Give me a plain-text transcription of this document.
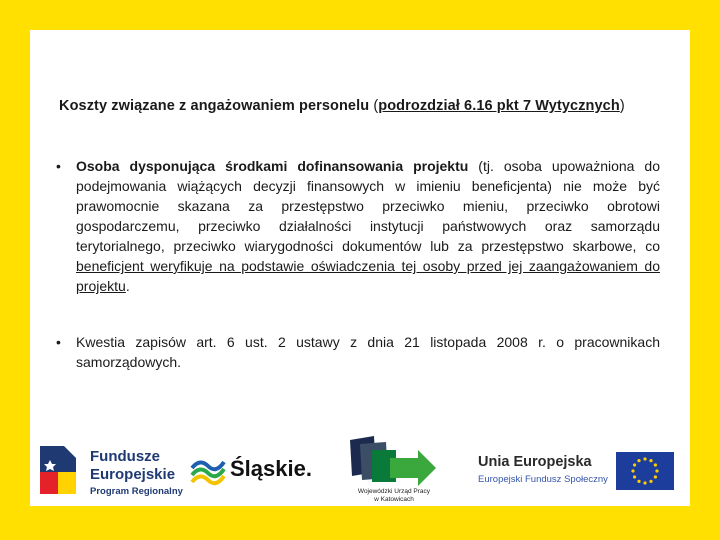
Koszty związane z angażowaniem personelu (podrozdział 6.16 pkt 7 Wytycznych)
• Osoba dysponująca środkami dofinansowania projektu (tj. osoba upoważniona do podejmowania wiążących decyzji finansowych w imieniu beneficjenta) nie może być prawomocnie skazana za przestępstwo przeciwko mieniu, przeciwko obrotowi gospodarczemu, przeciwko działalności instytucji państwowych oraz samorządu terytorialnego, przeciwko wiarygodności dokumentów lub za przestępstwo skarbowe, co beneficjent weryfikuje na podstawie oświadczenia tej osoby przed jej zaangażowaniem do projektu.
• Kwestia zapisów art. 6 ust. 2 ustawy z dnia 21 listopada 2008 r. o pracownikach samorządowych.
Fundusze
Europejskie
Program Regionalny
Śląskie.
Wojewódzki Urząd Pracy
w Katowicach
Unia Europejska
Europejski Fundusz Społeczny
